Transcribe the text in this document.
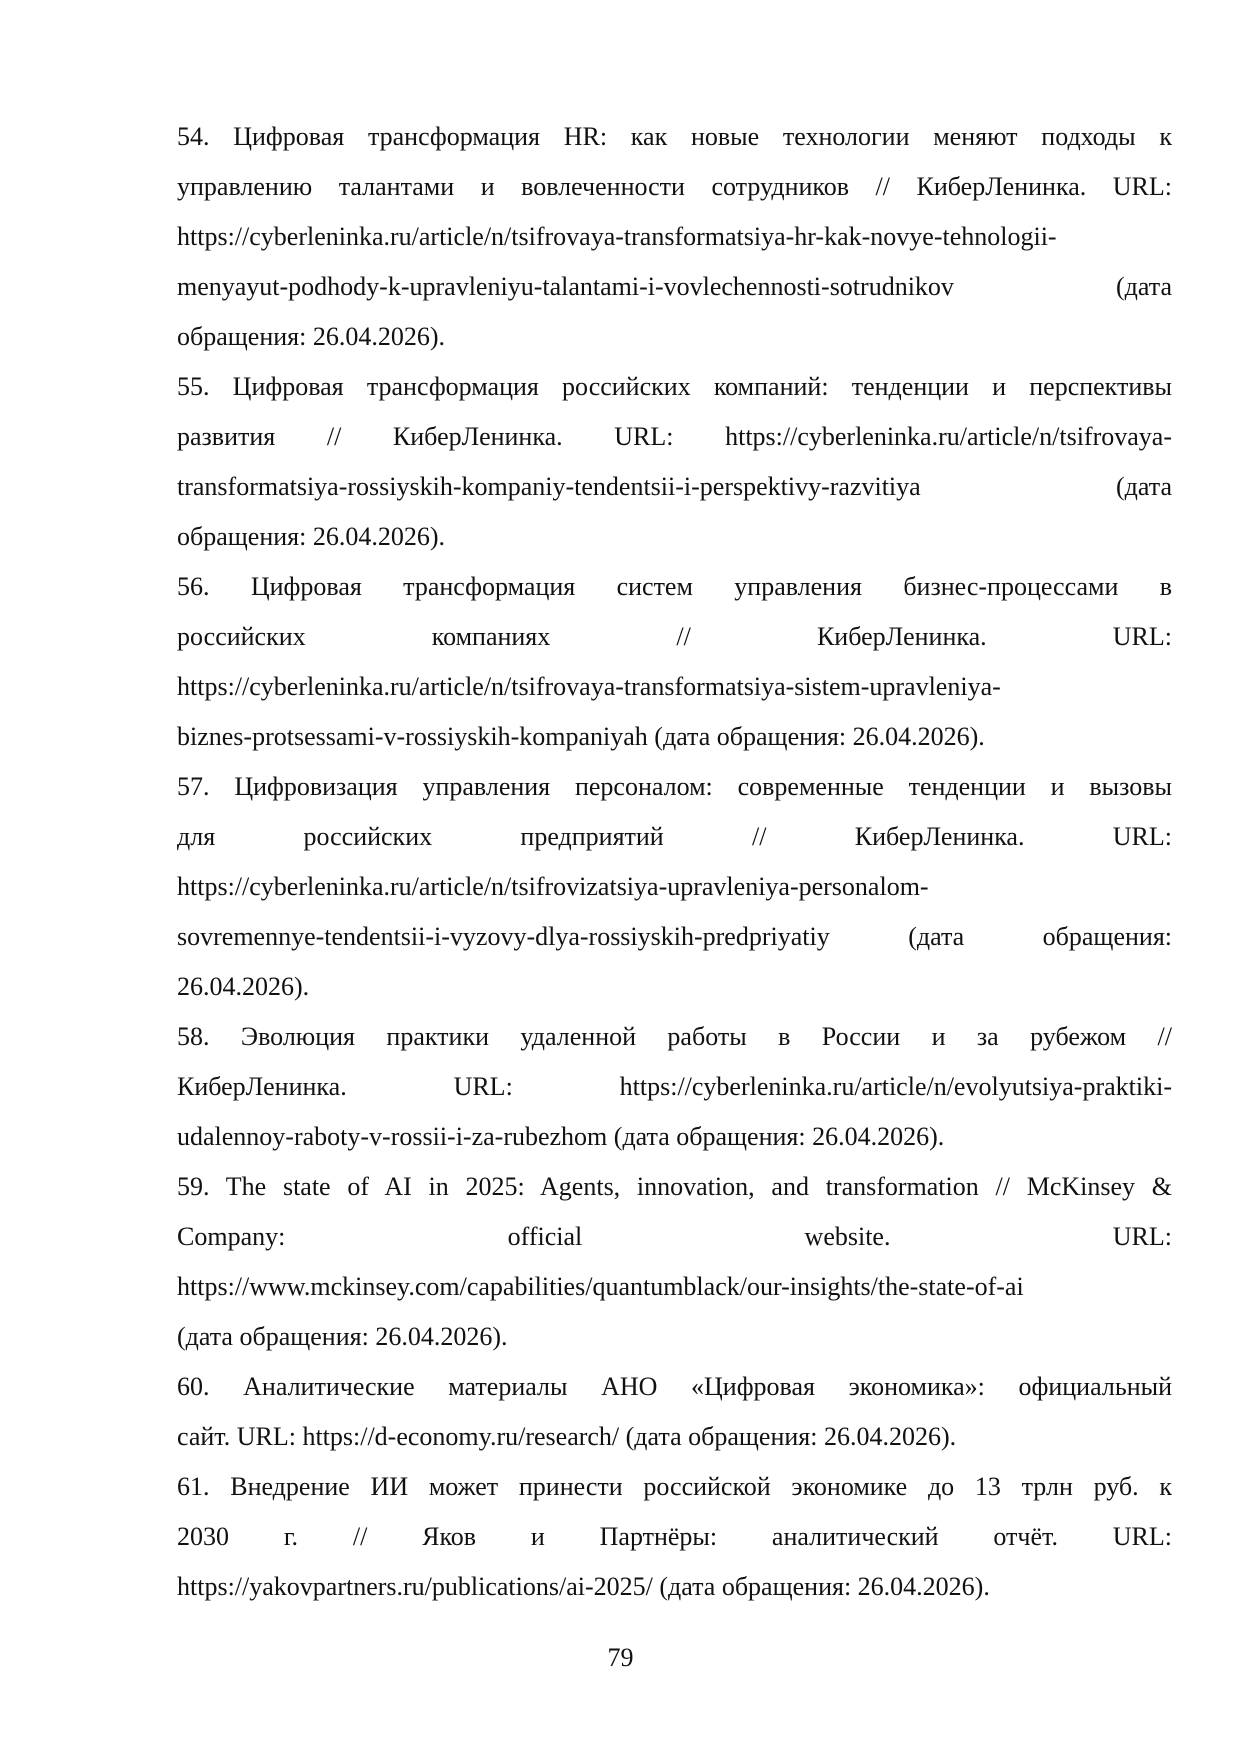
54. Цифровая трансформация HR: как новые технологии меняют подходы к
управлению талантами и вовлеченности сотрудников // КиберЛенинка. URL:
https://cyberleninka.ru/article/n/tsifrovaya-transformatsiya-hr-kak-novye-tehnologii-
menyayut-podhody-k-upravleniyu-talantami-i-vovlechennosti-sotrudnikov (дата
обращения: 26.04.2026).

55. Цифровая трансформация российских компаний: тенденции и перспективы
развития // КиберЛенинка. URL: https://cyberleninka.ru/article/n/tsifrovaya-
transformatsiya-rossiyskih-kompaniy-tendentsii-i-perspektivy-razvitiya (дата
обращения: 26.04.2026).

56. Цифровая трансформация систем управления бизнес-процессами в
российских компаниях // КиберЛенинка. URL:
https://cyberleninka.ru/article/n/tsifrovaya-transformatsiya-sistem-upravleniya-
biznes-protsessami-v-rossiyskih-kompaniyah (дата обращения: 26.04.2026).

57. Цифровизация управления персоналом: современные тенденции и вызовы
для российских предприятий // КиберЛенинка. URL:
https://cyberleninka.ru/article/n/tsifrovizatsiya-upravleniya-personalom-
sovremennye-tendentsii-i-vyzovy-dlya-rossiyskih-predpriyatiy (дата обращения:
26.04.2026).

58. Эволюция практики удаленной работы в России и за рубежом //
КиберЛенинка. URL: https://cyberleninka.ru/article/n/evolyutsiya-praktiki-
udalennoy-raboty-v-rossii-i-za-rubezhom (дата обращения: 26.04.2026).

59. The state of AI in 2025: Agents, innovation, and transformation // McKinsey &
Company: official website. URL:
https://www.mckinsey.com/capabilities/quantumblack/our-insights/the-state-of-ai
(дата обращения: 26.04.2026).

60. Аналитические материалы АНО «Цифровая экономика»: официальный
сайт. URL: https://d-economy.ru/research/ (дата обращения: 26.04.2026).

61. Внедрение ИИ может принести российской экономике до 13 трлн руб. к
2030 г. // Яков и Партнёры: аналитический отчёт. URL:
https://yakovpartners.ru/publications/ai-2025/ (дата обращения: 26.04.2026).

79
